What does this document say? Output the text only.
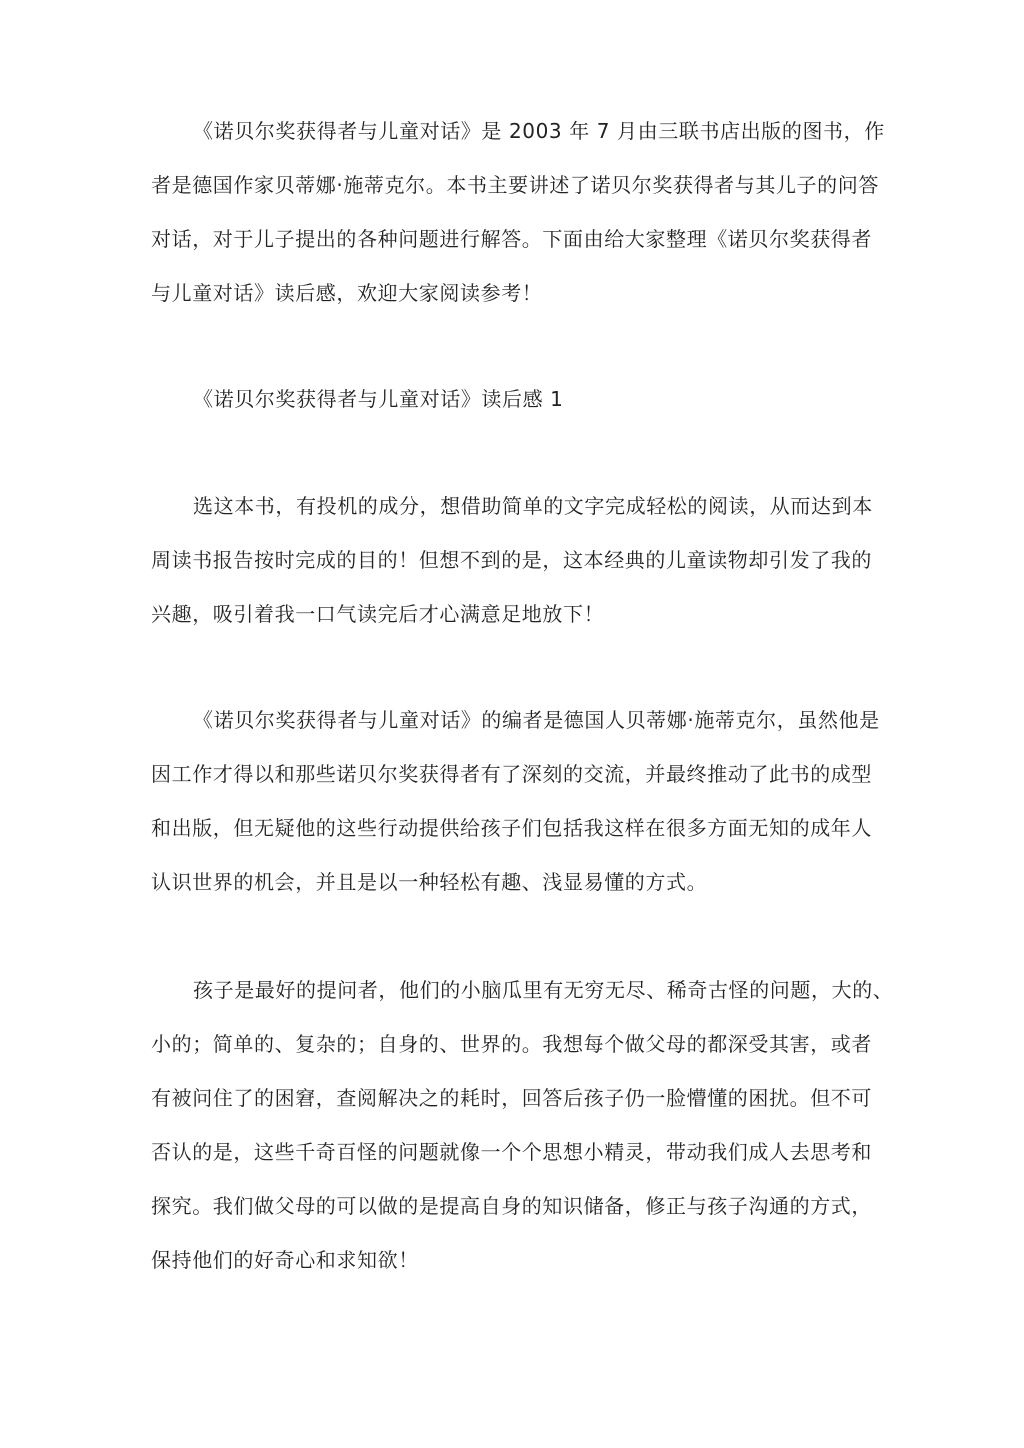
《诺贝尔奖获得者与儿童对话》是 2003 年 7 月由三联书店出版的图书，作
者是德国作家贝蒂娜·施蒂克尔。本书主要讲述了诺贝尔奖获得者与其儿子的问答
对话，对于儿子提出的各种问题进行解答。下面由给大家整理《诺贝尔奖获得者
与儿童对话》读后感，欢迎大家阅读参考！
《诺贝尔奖获得者与儿童对话》读后感 1
选这本书，有投机的成分，想借助简单的文字完成轻松的阅读，从而达到本
周读书报告按时完成的目的！但想不到的是，这本经典的儿童读物却引发了我的
兴趣，吸引着我一口气读完后才心满意足地放下！
《诺贝尔奖获得者与儿童对话》的编者是德国人贝蒂娜·施蒂克尔，虽然他是
因工作才得以和那些诺贝尔奖获得者有了深刻的交流，并最终推动了此书的成型
和出版，但无疑他的这些行动提供给孩子们包括我这样在很多方面无知的成年人
认识世界的机会，并且是以一种轻松有趣、浅显易懂的方式。
孩子是最好的提问者，他们的小脑瓜里有无穷无尽、稀奇古怪的问题，大的、
小的；简单的、复杂的；自身的、世界的。我想每个做父母的都深受其害，或者
有被问住了的困窘，查阅解决之的耗时，回答后孩子仍一脸懵懂的困扰。但不可
否认的是，这些千奇百怪的问题就像一个个思想小精灵，带动我们成人去思考和
探究。我们做父母的可以做的是提高自身的知识储备，修正与孩子沟通的方式，
保持他们的好奇心和求知欲！
